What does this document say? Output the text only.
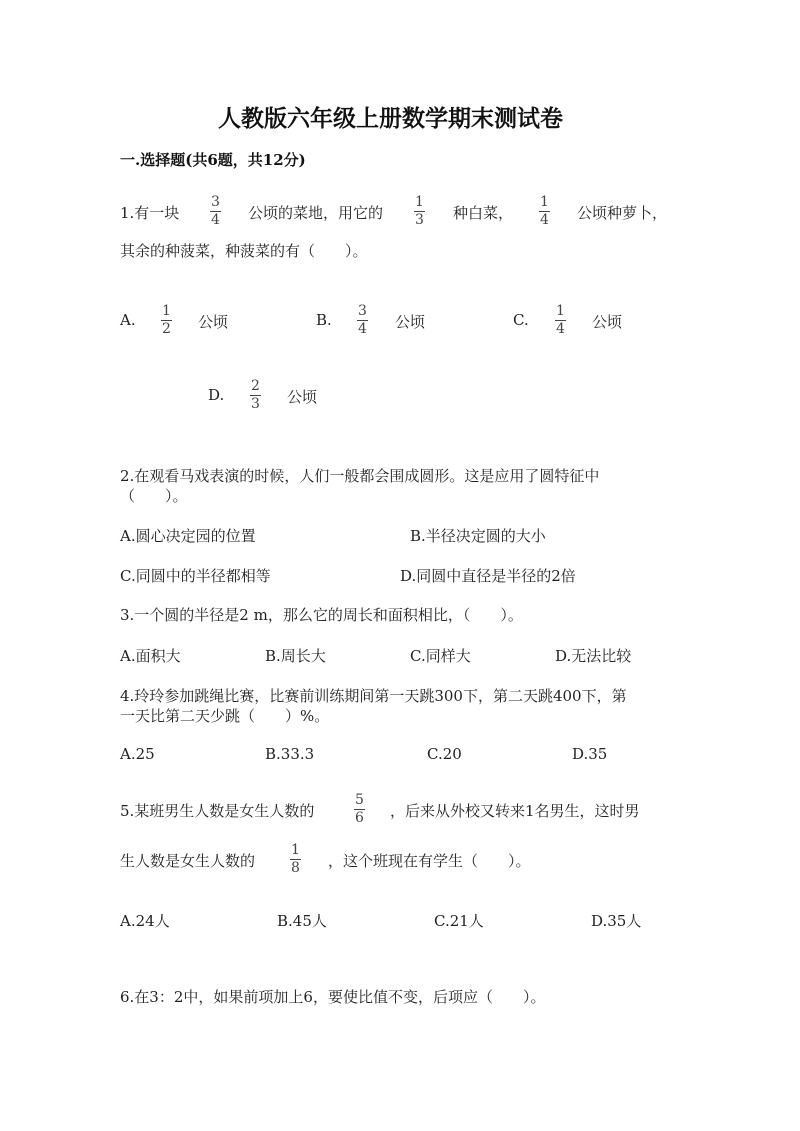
人教版六年级上册数学期末测试卷
一.选择题(共6题，共12分)
1.有一块
3
4 公顷的菜地，用它的
1
3 种白菜，
1
4 公顷种萝卜，
其余的种菠菜，种菠菜的有（　　）。
A. 1
2 公顷	B. 3
4 公顷	C. 1
4 公顷
D. 2
3 公顷
2.在观看马戏表演的时候，人们一般都会围成圆形。这是应用了圆特征中
（　　）。
A.圆心决定园的位置	B.半径决定圆的大小
C.同圆中的半径都相等	D.同圆中直径是半径的2倍
3.一个圆的半径是2 m，那么它的周长和面积相比，（　　）。
A.面积大	B.周长大	C.同样大	D.无法比较
4.玲玲参加跳绳比赛，比赛前训练期间第一天跳300下，第二天跳400下，第
一天比第二天少跳（　　）%。
A.25	B.33.3	C.20	D.35
5.某班男生人数是女生人数的
5
6 ，后来从外校又转来1名男生，这时男
生人数是女生人数的
1
8 ，这个班现在有学生（　　）。
A.24人	B.45人	C.21人	D.35人
6.在3：2中，如果前项加上6，要使比值不变，后项应（　　）。
